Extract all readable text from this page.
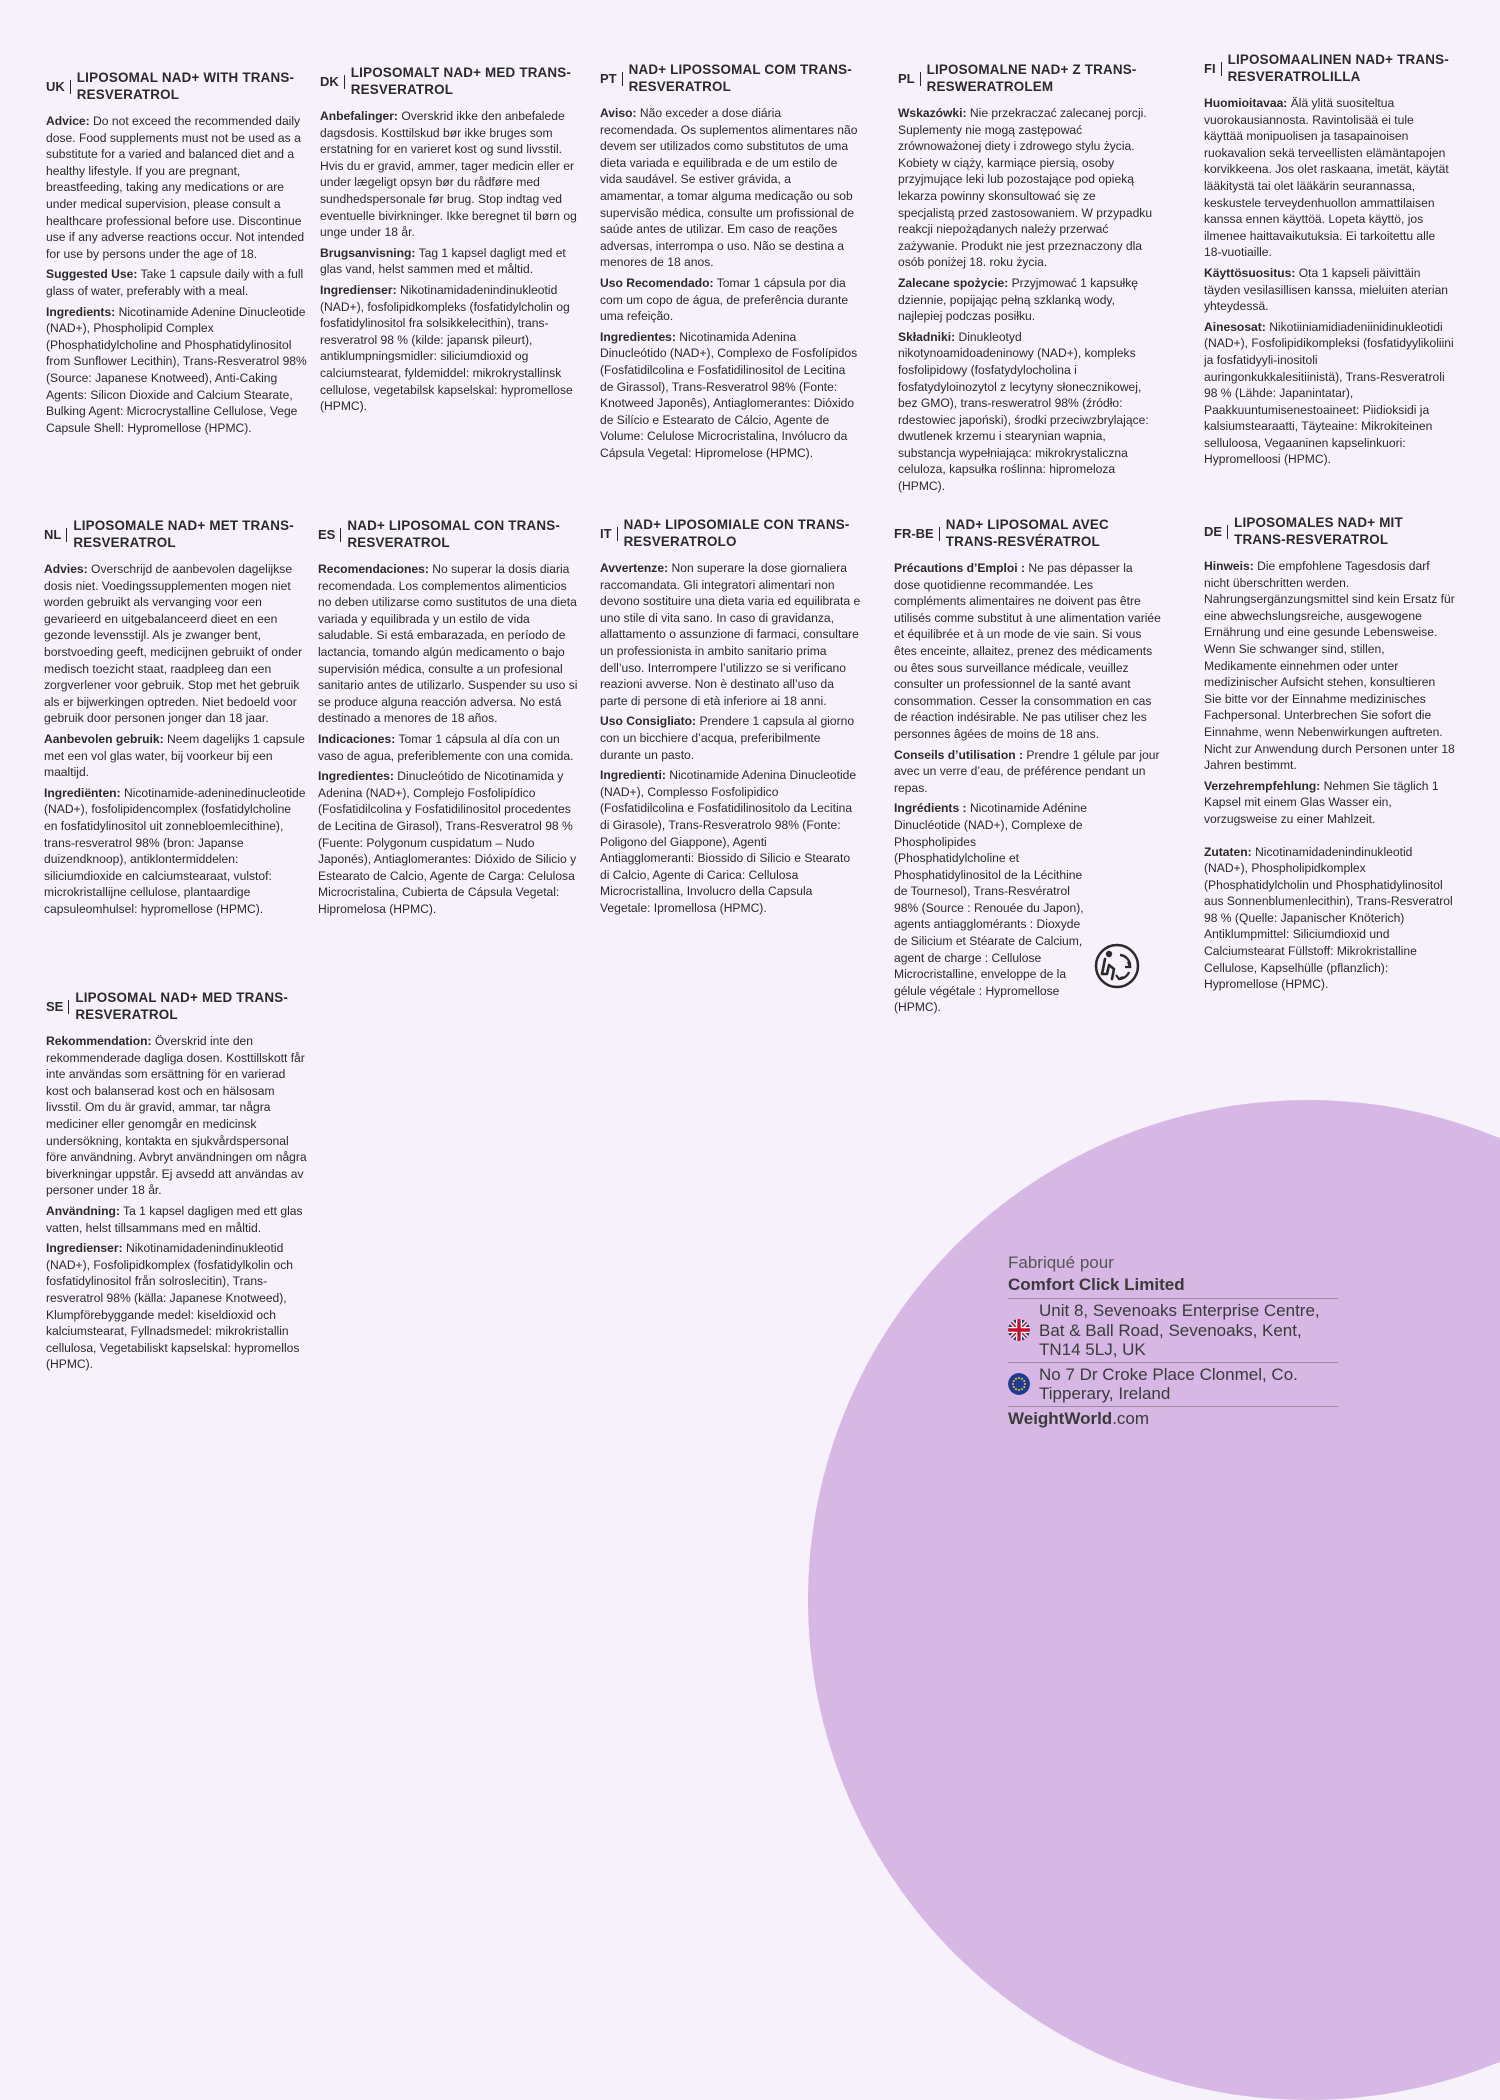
UK
LIPOSOMAL NAD+ WITH TRANS-RESVERATROL

Advice: Do not exceed the recommended daily dose. Food supplements must not be used as a substitute for a varied and balanced diet and a healthy lifestyle. If you are pregnant, breastfeeding, taking any medications or are under medical supervision, please consult a healthcare professional before use. Discontinue use if any adverse reactions occur. Not intended for use by persons under the age of 18.

Suggested Use: Take 1 capsule daily with a full glass of water, preferably with a meal.

Ingredients: Nicotinamide Adenine Dinucleotide (NAD+), Phospholipid Complex (Phosphatidylcholine and Phosphatidylinositol from Sunflower Lecithin), Trans-Resveratrol 98% (Source: Japanese Knotweed), Anti-Caking Agents: Silicon Dioxide and Calcium Stearate, Bulking Agent: Microcrystalline Cellulose, Vege Capsule Shell: Hypromellose (HPMC).

DK
LIPOSOMALT NAD+ MED TRANS-RESVERATROL

Anbefalinger: Overskrid ikke den anbefalede dagsdosis. Kosttilskud bør ikke bruges som erstatning for en varieret kost og sund livsstil. Hvis du er gravid, ammer, tager medicin eller er under lægeligt opsyn bør du rådføre med sundhedspersonale før brug. Stop indtag ved eventuelle bivirkninger. Ikke beregnet til børn og unge under 18 år.

Brugsanvisning: Tag 1 kapsel dagligt med et glas vand, helst sammen med et måltid.

Ingredienser: Nikotinamidadenindinukleotid (NAD+), fosfolipidkompleks (fosfatidylcholin og fosfatidylinositol fra solsikkelecithin), trans-resveratrol 98 % (kilde: japansk pileurt), antiklumpningsmidler: siliciumdioxid og calciumstearat, fyldemiddel: mikrokrystallinsk cellulose, vegetabilsk kapselskal: hypromellose (HPMC).

PT
NAD+ LIPOSSOMAL COM TRANS-RESVERATROL

Aviso: Não exceder a dose diária recomendada. Os suplementos alimentares não devem ser utilizados como substitutos de uma dieta variada e equilibrada e de um estilo de vida saudável. Se estiver grávida, a amamentar, a tomar alguma medicação ou sob supervisão médica, consulte um profissional de saúde antes de utilizar. Em caso de reações adversas, interrompa o uso. Não se destina a menores de 18 anos.

Uso Recomendado: Tomar 1 cápsula por dia com um copo de água, de preferência durante uma refeição.

Ingredientes: Nicotinamida Adenina Dinucleótido (NAD+), Complexo de Fosfolípidos (Fosfatidilcolina e Fosfatidilinositol de Lecitina de Girassol), Trans-Resveratrol 98% (Fonte: Knotweed Japonês), Antiaglomerantes: Dióxido de Silício e Estearato de Cálcio, Agente de Volume: Celulose Microcristalina, Invólucro da Cápsula Vegetal: Hipromelose (HPMC).

PL
LIPOSOMALNE NAD+ Z TRANS-RESWERATROLEM

Wskazówki: Nie przekraczać zalecanej porcji. Suplementy nie mogą zastępować zrównoważonej diety i zdrowego stylu życia. Kobiety w ciąży, karmiące piersią, osoby przyjmujące leki lub pozostające pod opieką lekarza powinny skonsultować się ze specjalistą przed zastosowaniem. W przypadku reakcji niepożądanych należy przerwać zażywanie. Produkt nie jest przeznaczony dla osób poniżej 18. roku życia.

Zalecane spożycie: Przyjmować 1 kapsułkę dziennie, popijając pełną szklanką wody, najlepiej podczas posiłku.

Składniki: Dinukleotyd nikotynoamidoadeninowy (NAD+), kompleks fosfolipidowy (fosfatydylocholina i fosfatydyloinozytol z lecytyny słonecznikowej, bez GMO), trans-resweratrol 98% (źródło: rdestowiec japoński), środki przeciwzbrylające: dwutlenek krzemu i stearynian wapnia, substancja wypełniająca: mikrokrystaliczna celuloza, kapsułka roślinna: hipromeloza (HPMC).

FI
LIPOSOMAALINEN NAD+ TRANS-RESVERATROLILLA

Huomioitavaa: Älä ylitä suositeltua vuorokausiannosta. Ravintolisää ei tule käyttää monipuolisen ja tasapainoisen ruokavalion sekä terveellisten elämäntapojen korvikkeena. Jos olet raskaana, imetät, käytät lääkitystä tai olet lääkärin seurannassa, keskustele terveydenhuollon ammattilaisen kanssa ennen käyttöä. Lopeta käyttö, jos ilmenee haittavaikutuksia. Ei tarkoitettu alle 18-vuotiaille.

Käyttösuositus: Ota 1 kapseli päivittäin täyden vesilasillisen kanssa, mieluiten aterian yhteydessä.

Ainesosat: Nikotiiniamidiadeniinidinukleotidi (NAD+), Fosfolipidikompleksi (fosfatidyylikoliini ja fosfatidyyli-inositoli auringonkukkalesitiinistä), Trans-Resveratroli 98 % (Lähde: Japanintatar), Paakkuuntumisenestoaineet: Piidioksidi ja kalsiumstearaatti, Täyteaine: Mikrokiteinen selluloosa, Vegaaninen kapselinkuori: Hypromelloosi (HPMC).

NL
LIPOSOMALE NAD+ MET TRANS-RESVERATROL

Advies: Overschrijd de aanbevolen dagelijkse dosis niet. Voedingssupplementen mogen niet worden gebruikt als vervanging voor een gevarieerd en uitgebalanceerd dieet en een gezonde levensstijl. Als je zwanger bent, borstvoeding geeft, medicijnen gebruikt of onder medisch toezicht staat, raadpleeg dan een zorgverlener voor gebruik. Stop met het gebruik als er bijwerkingen optreden. Niet bedoeld voor gebruik door personen jonger dan 18 jaar.

Aanbevolen gebruik: Neem dagelijks 1 capsule met een vol glas water, bij voorkeur bij een maaltijd.

Ingrediënten: Nicotinamide-adeninedinucleotide (NAD+), fosfolipidencomplex (fosfatidylcholine en fosfatidylinositol uit zonnebloemlecithine), trans-resveratrol 98% (bron: Japanse duizendknoop), antiklontermiddelen: siliciumdioxide en calciumstearaat, vulstof: microkristallijne cellulose, plantaardige capsuleomhulsel: hypromellose (HPMC).

ES
NAD+ LIPOSOMAL CON TRANS-RESVERATROL

Recomendaciones: No superar la dosis diaria recomendada. Los complementos alimenticios no deben utilizarse como sustitutos de una dieta variada y equilibrada y un estilo de vida saludable. Si está embarazada, en período de lactancia, tomando algún medicamento o bajo supervisión médica, consulte a un profesional sanitario antes de utilizarlo. Suspender su uso si se produce alguna reacción adversa. No está destinado a menores de 18 años.

Indicaciones: Tomar 1 cápsula al día con un vaso de agua, preferiblemente con una comida.

Ingredientes: Dinucleótido de Nicotinamida y Adenina (NAD+), Complejo Fosfolipídico (Fosfatidilcolina y Fosfatidilinositol procedentes de Lecitina de Girasol), Trans-Resveratrol 98 % (Fuente: Polygonum cuspidatum – Nudo Japonés), Antiaglomerantes: Dióxido de Silicio y Estearato de Calcio, Agente de Carga: Celulosa Microcristalina, Cubierta de Cápsula Vegetal: Hipromelosa (HPMC).

IT
NAD+ LIPOSOMIALE CON TRANS-RESVERATROLO

Avvertenze: Non superare la dose giornaliera raccomandata. Gli integratori alimentari non devono sostituire una dieta varia ed equilibrata e uno stile di vita sano. In caso di gravidanza, allattamento o assunzione di farmaci, consultare un professionista in ambito sanitario prima dell’uso. Interrompere l’utilizzo se si verificano reazioni avverse. Non è destinato all’uso da parte di persone di età inferiore ai 18 anni.

Uso Consigliato: Prendere 1 capsula al giorno con un bicchiere d’acqua, preferibilmente durante un pasto.

Ingredienti: Nicotinamide Adenina Dinucleotide (NAD+), Complesso Fosfolipidico (Fosfatidilcolina e Fosfatidilinositolo da Lecitina di Girasole), Trans-Resveratrolo 98% (Fonte: Poligono del Giappone), Agenti Antiagglomeranti: Biossido di Silicio e Stearato di Calcio, Agente di Carica: Cellulosa Microcristallina, Involucro della Capsula Vegetale: Ipromellosa (HPMC).

FR-BE
NAD+ LIPOSOMAL AVEC TRANS-RESVÉRATROL

Précautions d’Emploi : Ne pas dépasser la dose quotidienne recommandée. Les compléments alimentaires ne doivent pas être utilisés comme substitut à une alimentation variée et équilibrée et à un mode de vie sain. Si vous êtes enceinte, allaitez, prenez des médicaments ou êtes sous surveillance médicale, veuillez consulter un professionnel de la santé avant consommation. Cesser la consommation en cas de réaction indésirable. Ne pas utiliser chez les personnes âgées de moins de 18 ans.

Conseils d’utilisation : Prendre 1 gélule par jour avec un verre d’eau, de préférence pendant un repas.

Ingrédients : Nicotinamide Adénine Dinucléotide (NAD+), Complexe de Phospholipides (Phosphatidylcholine et Phosphatidylinositol de la Lécithine de Tournesol), Trans-Resvératrol 98% (Source : Renouée du Japon), agents antiagglomérants : Dioxyde de Silicium et Stéarate de Calcium, agent de charge : Cellulose Microcristalline, enveloppe de la gélule végétale : Hypromellose (HPMC).

DE
LIPOSOMALES NAD+ MIT TRANS-RESVERATROL

Hinweis: Die empfohlene Tagesdosis darf nicht überschritten werden. Nahrungsergänzungsmittel sind kein Ersatz für eine abwechslungsreiche, ausgewogene Ernährung und eine gesunde Lebensweise. Wenn Sie schwanger sind, stillen, Medikamente einnehmen oder unter medizinischer Aufsicht stehen, konsultieren Sie bitte vor der Einnahme medizinisches Fachpersonal. Unterbrechen Sie sofort die Einnahme, wenn Nebenwirkungen auftreten. Nicht zur Anwendung durch Personen unter 18 Jahren bestimmt.

Verzehrempfehlung: Nehmen Sie täglich 1 Kapsel mit einem Glas Wasser ein, vorzugsweise zu einer Mahlzeit.

Zutaten: Nicotinamidadenindinukleotid (NAD+), Phospholipidkomplex (Phosphatidylcholin und Phosphatidylinositol aus Sonnenblumenlecithin), Trans-Resveratrol 98 % (Quelle: Japanischer Knöterich) Antiklumpmittel: Siliciumdioxid und Calciumstearat Füllstoff: Mikrokristalline Cellulose, Kapselhülle (pflanzlich): Hypromellose (HPMC).

SE
LIPOSOMAL NAD+ MED TRANS-RESVERATROL

Rekommendation: Överskrid inte den rekommenderade dagliga dosen. Kosttillskott får inte användas som ersättning för en varierad kost och balanserad kost och en hälsosam livsstil. Om du är gravid, ammar, tar några mediciner eller genomgår en medicinsk undersökning, kontakta en sjukvårdspersonal före användning. Avbryt användningen om några biverkningar uppstår. Ej avsedd att användas av personer under 18 år.

Användning: Ta 1 kapsel dagligen med ett glas vatten, helst tillsammans med en måltid.

Ingredienser: Nikotinamidadenindinukleotid (NAD+), Fosfolipidkomplex (fosfatidylkolin och fosfatidylinositol från solroslecitin), Trans-resveratrol 98% (källa: Japanese Knotweed), Klumpförebyggande medel: kiseldioxid och kalciumstearat, Fyllnadsmedel: mikrokristallin cellulosa, Vegetabiliskt kapselskal: hypromellos (HPMC).

Fabriqué pour
Comfort Click Limited
Unit 8, Sevenoaks Enterprise Centre, Bat & Ball Road, Sevenoaks, Kent, TN14 5LJ, UK
No 7 Dr Croke Place Clonmel, Co. Tipperary, Ireland
WeightWorld.com
